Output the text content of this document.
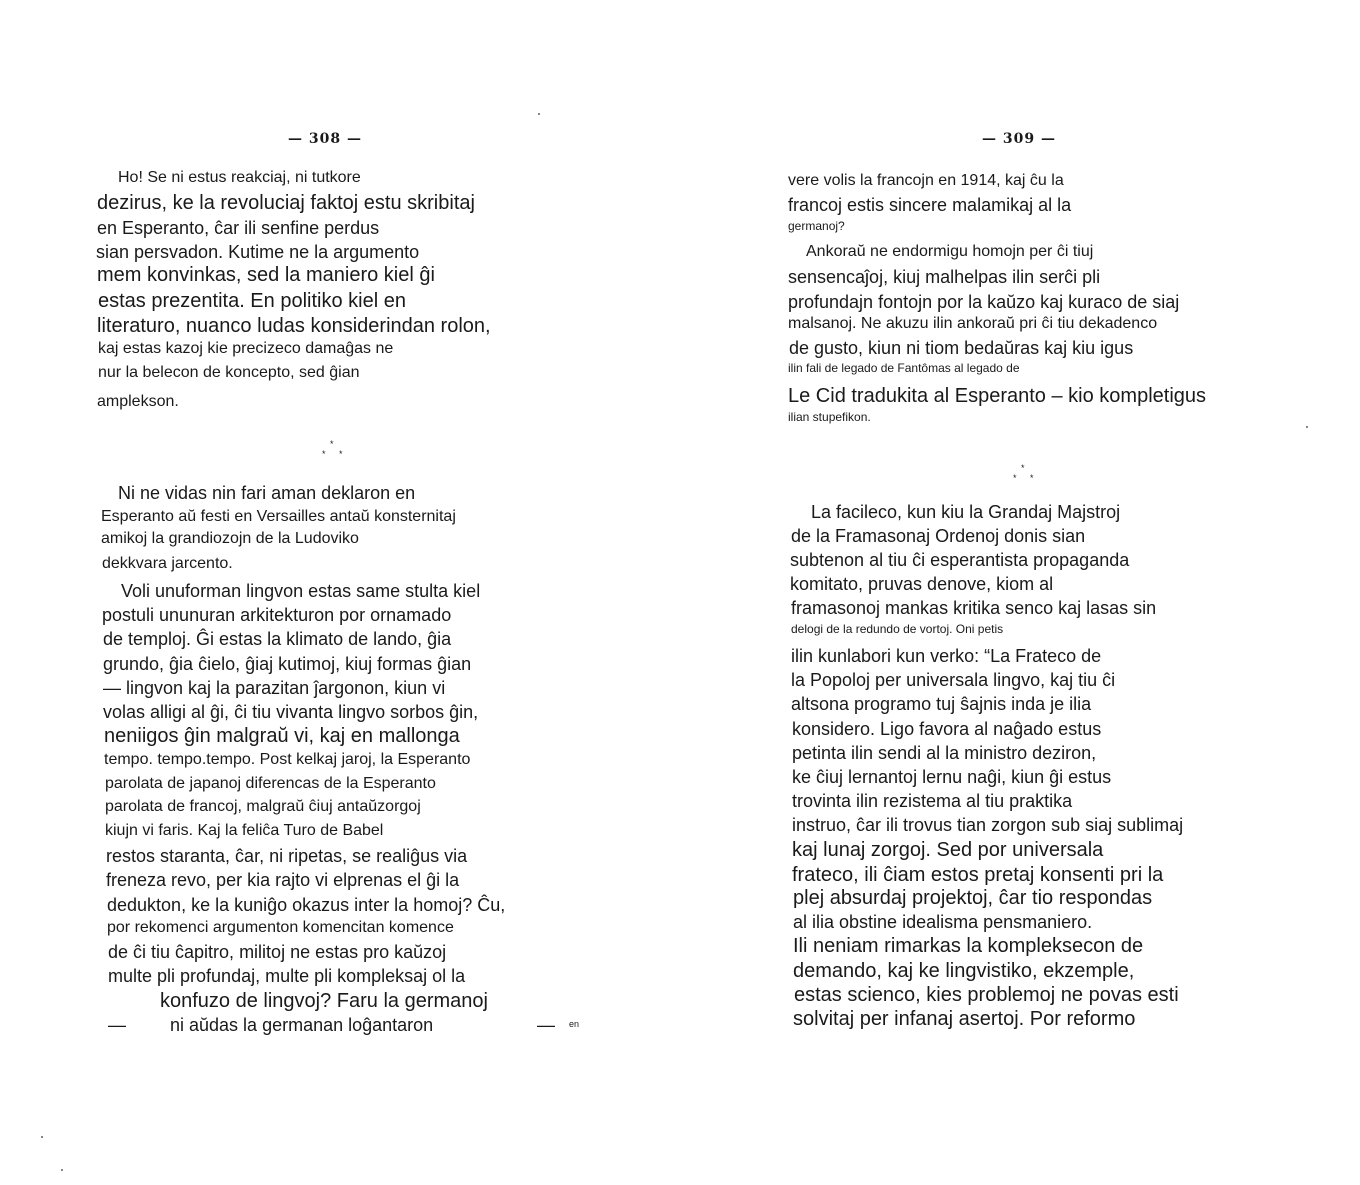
— 308 —
Ho! Se ni estus reakciaj, ni tutkore
dezirus, ke la revoluciaj faktoj estu skribitaj
en Esperanto, ĉar ili senfine perdus
sian persvadon. Kutime ne la argumento
mem konvinkas, sed la maniero kiel ĝi
estas prezentita. En politiko kiel en
literaturo, nuanco ludas konsiderindan rolon,
kaj estas kazoj kie precizeco damaĝas ne
nur la belecon de koncepto, sed ĝian
amplekson.
*
* *
Ni ne vidas nin fari aman deklaron en
Esperanto aŭ festi en Versailles antaŭ konsternitaj
amikoj la grandiozojn de la Ludoviko
dekkvara jarcento.
Voli unuforman lingvon estas same stulta kiel
postuli ununuran arkitekturon por ornamado
de temploj. Ĝi estas la klimato de lando, ĝia
grundo, ĝia ĉielo, ĝiaj kutimoj, kiuj formas ĝian
— lingvon kaj la parazitan ĵargonon, kiun vi
volas alligi al ĝi, ĉi tiu vivanta lingvo sorbos ĝin,
neniigos ĝin malgraŭ vi, kaj en mallonga
tempo. tempo.tempo. Post kelkaj jaroj, la Esperanto
parolata de japanoj diferencas de la Esperanto
parolata de francoj, malgraŭ ĉiuj antaŭzorgoj
kiujn vi faris. Kaj la feliĉa Turo de Babel
restos staranta, ĉar, ni ripetas, se realiĝus via
freneza revo, per kia rajto vi elprenas el ĝi la
dedukton, ke la kuniĝo okazus inter la homoj? Ĉu,
por rekomenci argumenton komencitan komence
de ĉi tiu ĉapitro, militoj ne estas pro kaŭzoj
multe pli profundaj, multe pli kompleksaj ol la
konfuzo de lingvoj? Faru la germanoj
ni aŭdas la germanan loĝantaron
—	— en
— 309 —
vere volis la francojn en 1914, kaj ĉu la
francoj estis sincere malamikaj al la
germanoj?
Ankoraŭ ne endormigu homojn per ĉi tiuj
sensencaĵoj, kiuj malhelpas ilin serĉi pli
profundajn fontojn por la kaŭzo kaj kuraco de siaj
malsanoj. Ne akuzu ilin ankoraŭ pri ĉi tiu dekadenco
de gusto, kiun ni tiom bedaŭras kaj kiu igus
ilin fali de legado de Fantômas al legado de
Le Cid tradukita al Esperanto – kio kompletigus
ilian stupefikon.
*
* *
La facileco, kun kiu la Grandaj Majstroj
de la Framasonaj Ordenoj donis sian
subtenon al tiu ĉi esperantista propaganda
komitato, pruvas denove, kiom al
framasonoj mankas kritika senco kaj lasas sin
delogi de la redundo de vortoj. Oni petis
ilin kunlabori kun verko: “La Frateco de
la Popoloj per universala lingvo, kaj tiu ĉi
altsona programo tuj ŝajnis inda je ilia
konsidero. Ligo favora al naĝado estus
petinta ilin sendi al la ministro deziron,
ke ĉiuj lernantoj lernu naĝi, kiun ĝi estus
trovinta ilin rezistema al tiu praktika
instruo, ĉar ili trovus tian zorgon sub siaj sublimaj
kaj lunaj zorgoj. Sed por universala
frateco, ili ĉiam estos pretaj konsenti pri la
plej absurdaj projektoj, ĉar tio respondas
al ilia obstine idealisma pensmaniero.
Ili neniam rimarkas la kompleksecon de
demando, kaj ke lingvistiko, ekzemple,
estas scienco, kies problemoj ne povas esti
solvitaj per infanaj asertoj. Por reformo
